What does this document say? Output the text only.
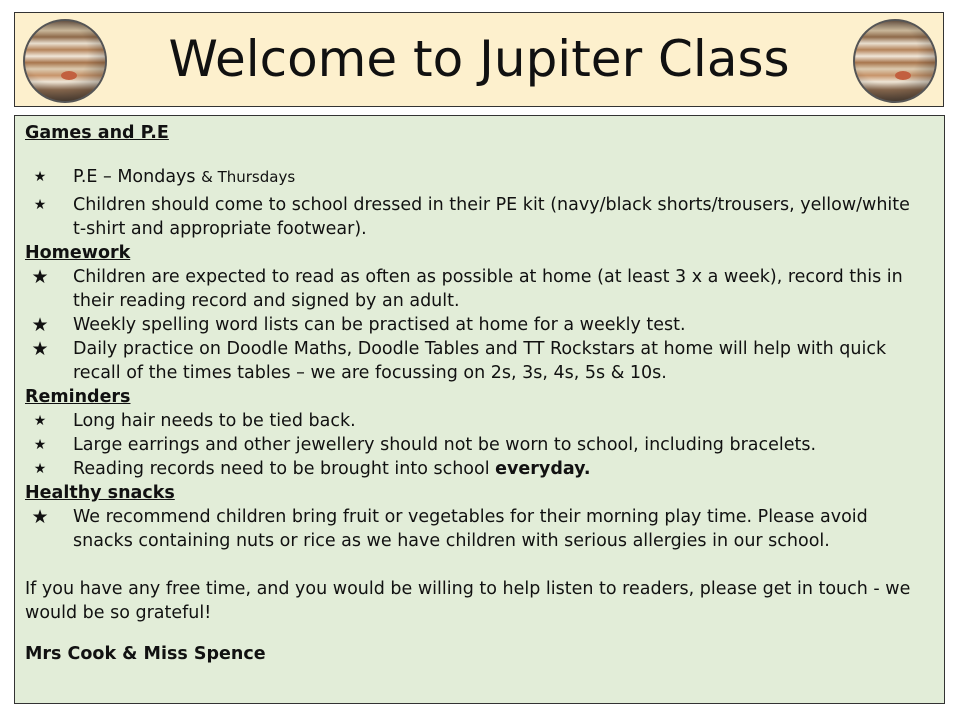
Welcome to Jupiter Class
Games and P.E
★	P.E – Mondays & Thursdays
★	Children should come to school dressed in their PE kit (navy/black shorts/trousers, yellow/white t-shirt and appropriate footwear).
Homework
★ Children are expected to read as often as possible at home (at least 3 x a week), record this in their reading record and signed by an adult.
★ Weekly spelling word lists can be practised at home for a weekly test.
★ Daily practice on Doodle Maths, Doodle Tables and TT Rockstars at home will help with quick recall of the times tables – we are focussing on 2s, 3s, 4s, 5s & 10s.
Reminders
★	Long hair needs to be tied back.
★	Large earrings and other jewellery should not be worn to school, including bracelets.
★	Reading records need to be brought into school everyday.
Healthy snacks
★ We recommend children bring fruit or vegetables for their morning play time. Please avoid snacks containing nuts or rice as we have children with serious allergies in our school.

If you have any free time, and you would be willing to help listen to readers, please get in touch - we would be so grateful!

Mrs Cook & Miss Spence
